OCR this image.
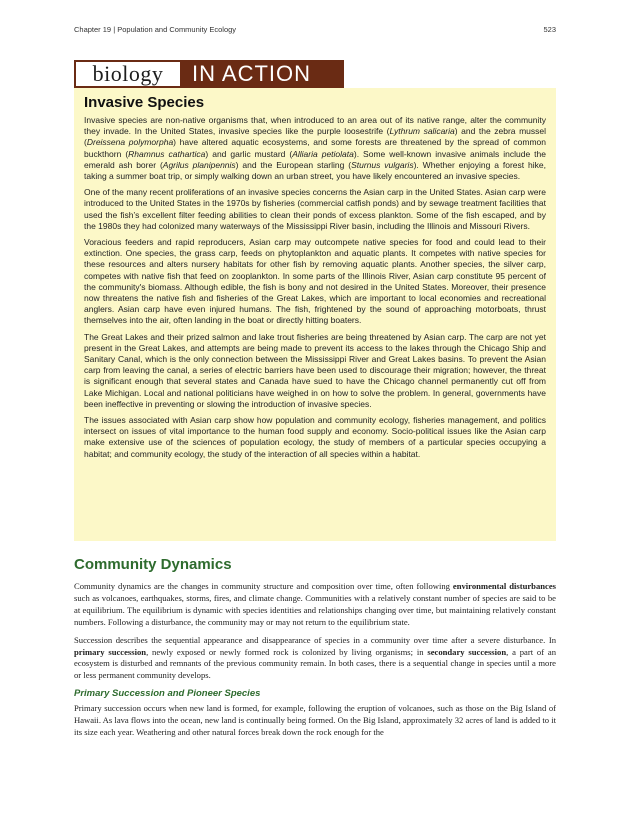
Chapter 19 | Population and Community Ecology	523
biology	IN ACTION
Invasive Species

Invasive species are non-native organisms that, when introduced to an area out of its native range, alter the community they invade. In the United States, invasive species like the purple loosestrife (Lythrum salicaria) and the zebra mussel (Dreissena polymorpha) have altered aquatic ecosystems, and some forests are threatened by the spread of common buckthorn (Rhamnus cathartica) and garlic mustard (Alliaria petiolata). Some well-known invasive animals include the emerald ash borer (Agrilus planipennis) and the European starling (Sturnus vulgaris). Whether enjoying a forest hike, taking a summer boat trip, or simply walking down an urban street, you have likely encountered an invasive species.

One of the many recent proliferations of an invasive species concerns the Asian carp in the United States. Asian carp were introduced to the United States in the 1970s by fisheries (commercial catfish ponds) and by sewage treatment facilities that used the fish’s excellent filter feeding abilities to clean their ponds of excess plankton. Some of the fish escaped, and by the 1980s they had colonized many waterways of the Mississippi River basin, including the Illinois and Missouri Rivers.

Voracious feeders and rapid reproducers, Asian carp may outcompete native species for food and could lead to their extinction. One species, the grass carp, feeds on phytoplankton and aquatic plants. It competes with native species for these resources and alters nursery habitats for other fish by removing aquatic plants. Another species, the silver carp, competes with native fish that feed on zooplankton. In some parts of the Illinois River, Asian carp constitute 95 percent of the community's biomass. Although edible, the fish is bony and not desired in the United States. Moreover, their presence now threatens the native fish and fisheries of the Great Lakes, which are important to local economies and recreational anglers. Asian carp have even injured humans. The fish, frightened by the sound of approaching motorboats, thrust themselves into the air, often landing in the boat or directly hitting boaters.

The Great Lakes and their prized salmon and lake trout fisheries are being threatened by Asian carp. The carp are not yet present in the Great Lakes, and attempts are being made to prevent its access to the lakes through the Chicago Ship and Sanitary Canal, which is the only connection between the Mississippi River and Great Lakes basins. To prevent the Asian carp from leaving the canal, a series of electric barriers have been used to discourage their migration; however, the threat is significant enough that several states and Canada have sued to have the Chicago channel permanently cut off from Lake Michigan. Local and national politicians have weighed in on how to solve the problem. In general, governments have been ineffective in preventing or slowing the introduction of invasive species.

The issues associated with Asian carp show how population and community ecology, fisheries management, and politics intersect on issues of vital importance to the human food supply and economy. Socio-political issues like the Asian carp make extensive use of the sciences of population ecology, the study of members of a particular species occupying a habitat; and community ecology, the study of the interaction of all species within a habitat.

Community Dynamics

Community dynamics are the changes in community structure and composition over time, often following environmental disturbances such as volcanoes, earthquakes, storms, fires, and climate change. Communities with a relatively constant number of species are said to be at equilibrium. The equilibrium is dynamic with species identities and relationships changing over time, but maintaining relatively constant numbers. Following a disturbance, the community may or may not return to the equilibrium state.

Succession describes the sequential appearance and disappearance of species in a community over time after a severe disturbance. In primary succession, newly exposed or newly formed rock is colonized by living organisms; in secondary succession, a part of an ecosystem is disturbed and remnants of the previous community remain. In both cases, there is a sequential change in species until a more or less permanent community develops.

Primary Succession and Pioneer Species

Primary succession occurs when new land is formed, for example, following the eruption of volcanoes, such as those on the Big Island of Hawaii. As lava flows into the ocean, new land is continually being formed. On the Big Island, approximately 32 acres of land is added to it its size each year. Weathering and other natural forces break down the rock enough for the
